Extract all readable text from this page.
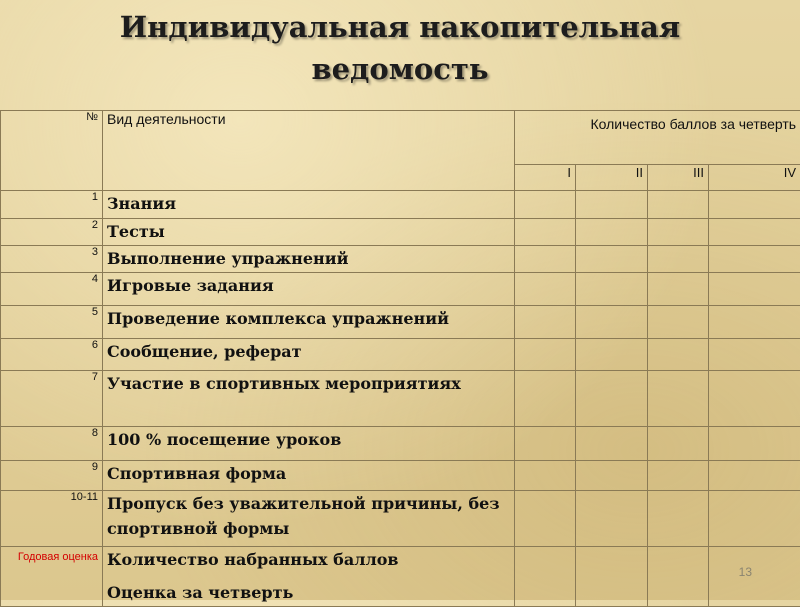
Индивидуальная накопительная
ведомость
№	Вид деятельности	Количество баллов за четверть			
		I	II	III	IV
1	Знания				
2	Тесты				
3	Выполнение упражнений				
4	Игровые задания				
5	Проведение комплекса упражнений				
6	Сообщение, реферат				
7	Участие в спортивных мероприятиях				
8	100 % посещение уроков				
9	Спортивная форма				
10-11	Пропуск без уважительной причины, без спортивной формы				
Годовая оценка	Количество набранных баллов
Оценка за четверть				

13
